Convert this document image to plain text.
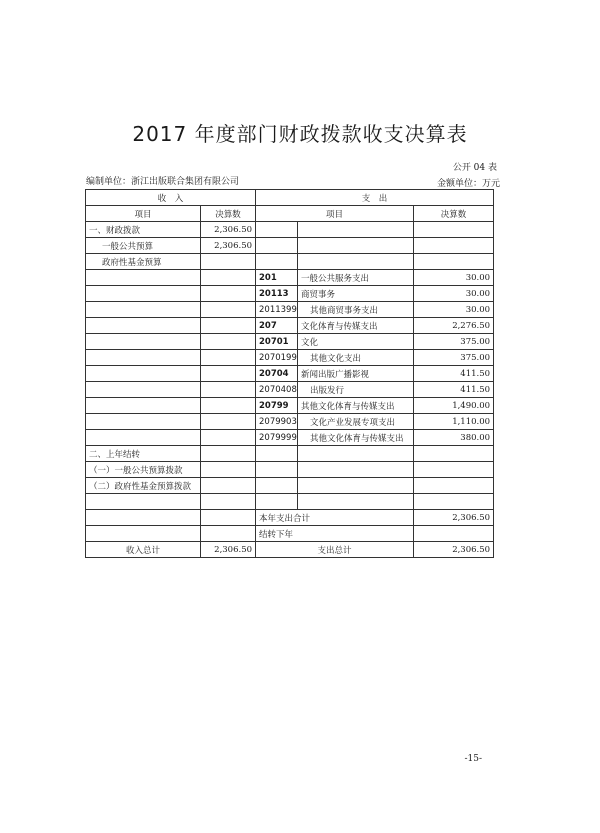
2017 年度部门财政拨款收支决算表
公开 04 表
编制单位：浙江出版联合集团有限公司	金额单位：万元
收　入		支　出		
项目	决算数	项目		决算数
一、财政拨款	2,306.50			
一般公共预算	2,306.50			
政府性基金预算				
		201	一般公共服务支出	30.00
		20113	商贸事务	30.00
		2011399	其他商贸事务支出	30.00
		207	文化体育与传媒支出	2,276.50
		20701	文化	375.00
		2070199	其他文化支出	375.00
		20704	新闻出版广播影视	411.50
		2070408	出版发行	411.50
		20799	其他文化体育与传媒支出	1,490.00
		2079903	文化产业发展专项支出	1,110.00
		2079999	其他文化体育与传媒支出	380.00
二、上年结转				
（一）一般公共预算拨款				
（二）政府性基金预算拨款				

		本年支出合计		2,306.50
		结转下年		
收入总计	2,306.50	支出总计		2,306.50
-15-
